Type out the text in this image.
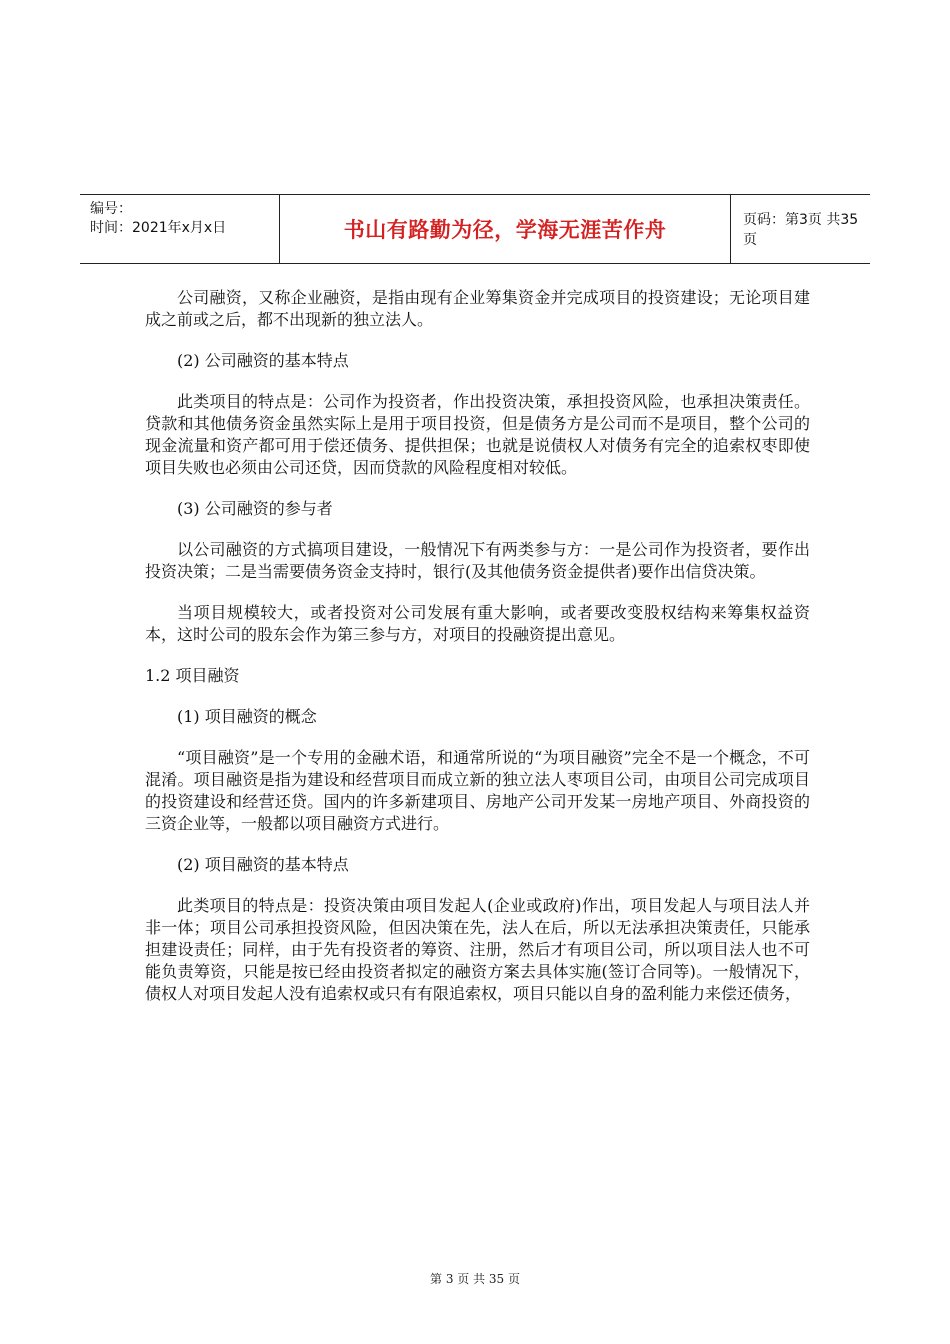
编号：
时间：2021年x月x日	书山有路勤为径，学海无涯苦作舟	页码：第3页 共35页

公司融资，又称企业融资，是指由现有企业筹集资金并完成项目的投资建设；无论项目建成之前或之后，都不出现新的独立法人。

(2) 公司融资的基本特点

此类项目的特点是：公司作为投资者，作出投资决策，承担投资风险，也承担决策责任。贷款和其他债务资金虽然实际上是用于项目投资，但是债务方是公司而不是项目，整个公司的现金流量和资产都可用于偿还债务、提供担保；也就是说债权人对债务有完全的追索权枣即使项目失败也必须由公司还贷，因而贷款的风险程度相对较低。

(3) 公司融资的参与者

以公司融资的方式搞项目建设，一般情况下有两类参与方：一是公司作为投资者，要作出投资决策；二是当需要债务资金支持时，银行(及其他债务资金提供者)要作出信贷决策。

当项目规模较大，或者投资对公司发展有重大影响，或者要改变股权结构来筹集权益资本，这时公司的股东会作为第三参与方，对项目的投融资提出意见。

1.2 项目融资

(1) 项目融资的概念

“项目融资”是一个专用的金融术语，和通常所说的“为项目融资”完全不是一个概念，不可混淆。项目融资是指为建设和经营项目而成立新的独立法人枣项目公司，由项目公司完成项目的投资建设和经营还贷。国内的许多新建项目、房地产公司开发某一房地产项目、外商投资的三资企业等，一般都以项目融资方式进行。

(2) 项目融资的基本特点

此类项目的特点是：投资决策由项目发起人(企业或政府)作出，项目发起人与项目法人并非一体；项目公司承担投资风险，但因决策在先，法人在后，所以无法承担决策责任，只能承担建设责任；同样，由于先有投资者的筹资、注册，然后才有项目公司，所以项目法人也不可能负责筹资，只能是按已经由投资者拟定的融资方案去具体实施(签订合同等)。一般情况下，债权人对项目发起人没有追索权或只有有限追索权，项目只能以自身的盈利能力来偿还债务，

第 3 页 共 35 页
